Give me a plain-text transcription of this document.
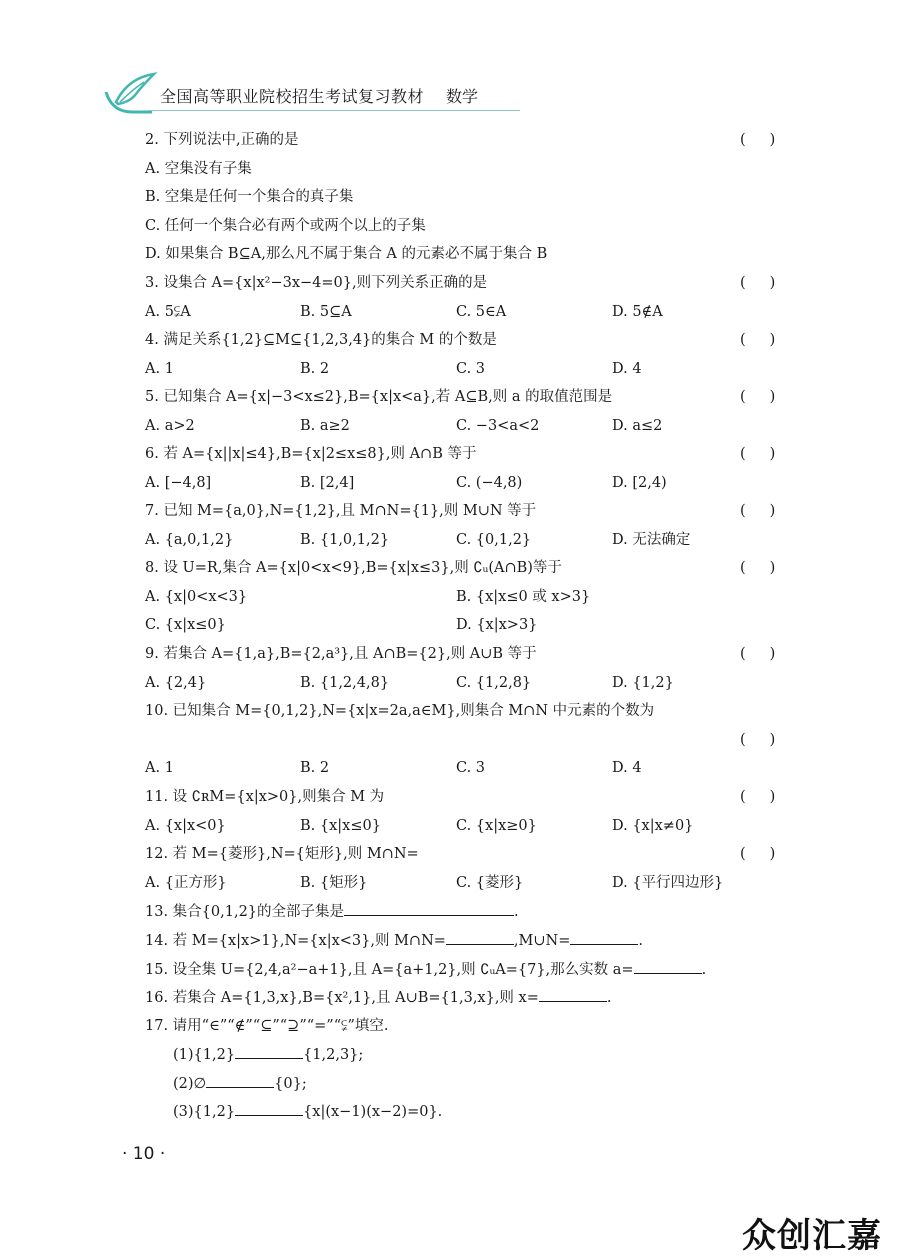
全国高等职业院校招生考试复习教材 数学
2. 下列说法中,正确的是	()
A. 空集没有子集
B. 空集是任何一个集合的真子集
C. 任何一个集合必有两个或两个以上的子集
D. 如果集合 B⊆A,那么凡不属于集合 A 的元素必不属于集合 B
3. 设集合 A={x|x²−3x−4=0},则下列关系正确的是	()
A. 5⫋A	B. 5⊆A	C. 5∈A	D. 5∉A
4. 满足关系{1,2}⊆M⊆{1,2,3,4}的集合 M 的个数是	()
A. 1	B. 2	C. 3	D. 4
5. 已知集合 A={x|−3<x≤2},B={x|x<a},若 A⊆B,则 a 的取值范围是	()
A. a>2	B. a≥2	C. −3<a<2	D. a≤2
6. 若 A={x||x|≤4},B={x|2≤x≤8},则 A∩B 等于	()
A. [−4,8]	B. [2,4]	C. (−4,8)	D. [2,4)
7. 已知 M={a,0},N={1,2},且 M∩N={1},则 M∪N 等于	()
A. {a,0,1,2}	B. {1,0,1,2}	C. {0,1,2}	D. 无法确定
8. 设 U=R,集合 A={x|0<x<9},B={x|x≤3},则 ∁ᵤ(A∩B)等于	()
A. {x|0<x<3}	B. {x|x≤0 或 x>3}
C. {x|x≤0}	D. {x|x>3}
9. 若集合 A={1,a},B={2,a³},且 A∩B={2},则 A∪B 等于	()
A. {2,4}	B. {1,2,4,8}	C. {1,2,8}	D. {1,2}
10. 已知集合 M={0,1,2},N={x|x=2a,a∈M},则集合 M∩N 中元素的个数为
()
A. 1	B. 2	C. 3	D. 4
11. 设 ∁ʀM={x|x>0},则集合 M 为	()
A. {x|x<0}	B. {x|x≤0}	C. {x|x≥0}	D. {x|x≠0}
12. 若 M={菱形},N={矩形},则 M∩N=	()
A. {正方形}	B. {矩形}	C. {菱形}	D. {平行四边形}
13. 集合{0,1,2}的全部子集是	.
14. 若 M={x|x>1},N={x|x<3},则 M∩N=	,M∪N=	.
15. 设全集 U={2,4,a²−a+1},且 A={a+1,2},则 ∁ᵤA={7},那么实数 a=	.
16. 若集合 A={1,3,x},B={x²,1},且 A∪B={1,3,x},则 x=	.
17. 请用“∈”“∉”“⊆”“⊇”“=”“⫋”填空.
(1){1,2}	{1,2,3};
(2)∅	{0};
(3){1,2}	{x|(x−1)(x−2)=0}.
· 10 ·
众创汇嘉
